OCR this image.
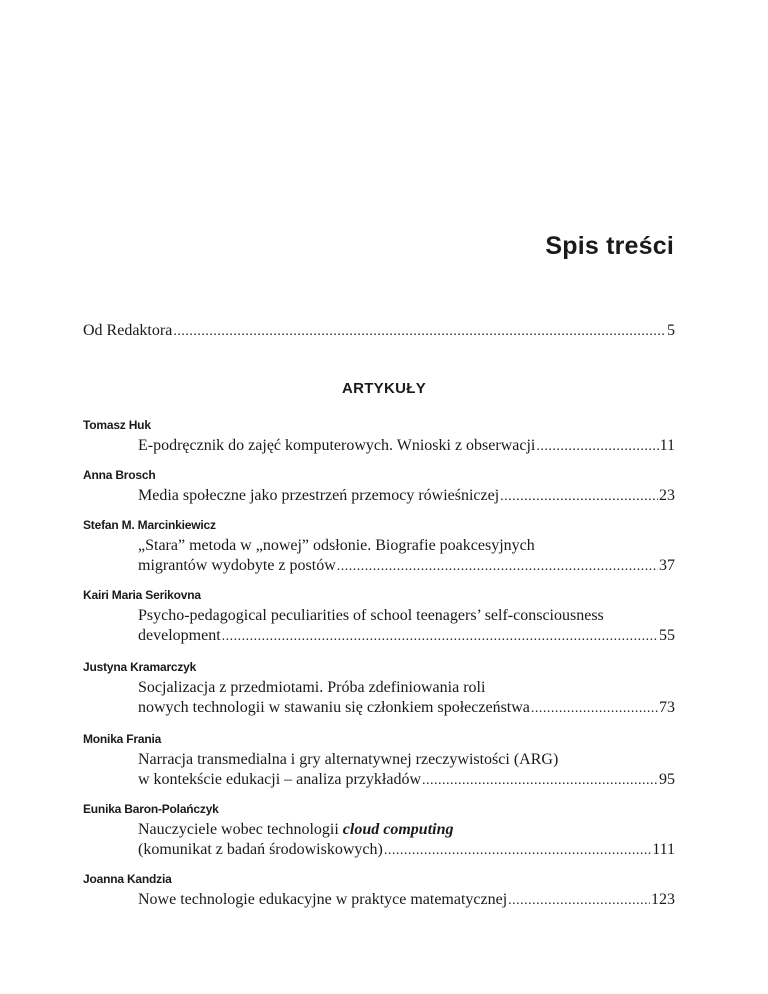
Spis treści
Od Redaktora .....	5
ARTYKUŁY
Tomasz Huk
E-podręcznik do zajęć komputerowych. Wnioski z obserwacji .....	11
Anna Brosch
Media społeczne jako przestrzeń przemocy rówieśniczej .....	23
Stefan M. Marcinkiewicz
„Stara” metoda w „nowej” odsłonie. Biografie poakcesyjnych
migrantów wydobyte z postów .....	37
Kairi Maria Serikovna
Psycho-pedagogical peculiarities of school teenagers’ self-consciousness
development .....	55
Justyna Kramarczyk
Socjalizacja z przedmiotami. Próba zdefiniowania roli
nowych technologii w stawaniu się członkiem społeczeństwa .....	73
Monika Frania
Narracja transmedialna i gry alternatywnej rzeczywistości (ARG)
w kontekście edukacji – analiza przykładów .....	95
Eunika Baron-Polańczyk
Nauczyciele wobec technologii cloud computing
(komunikat z badań środowiskowych) .....	111
Joanna Kandzia
Nowe technologie edukacyjne w praktyce matematycznej .....	123
